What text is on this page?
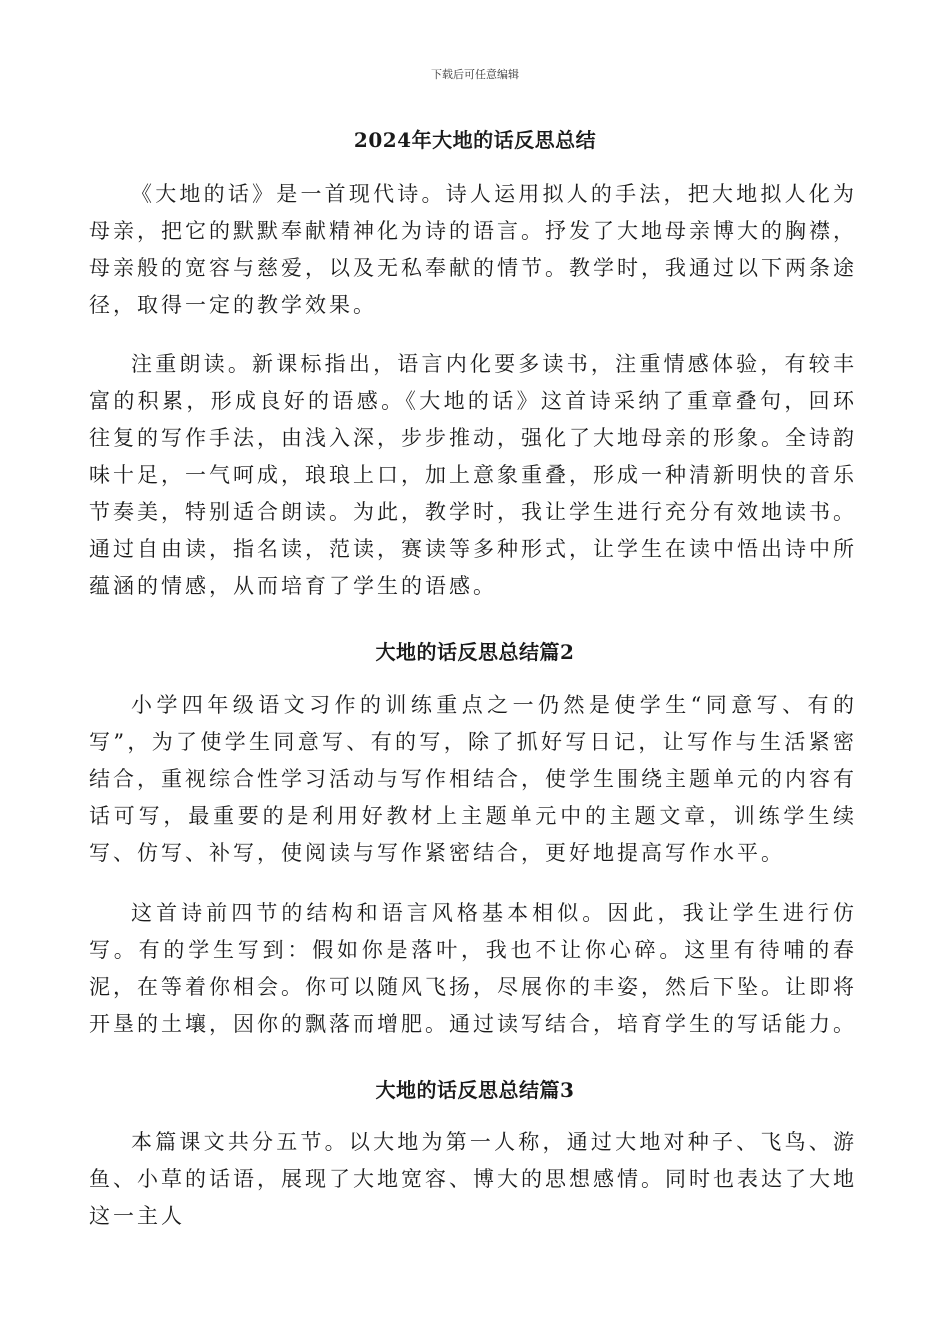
下载后可任意编辑
2024年大地的话反思总结

《大地的话》是一首现代诗。诗人运用拟人的手法，把大地拟人化为母亲，把它的默默奉献精神化为诗的语言。抒发了大地母亲博大的胸襟，母亲般的宽容与慈爱，以及无私奉献的情节。教学时，我通过以下两条途径，取得一定的教学效果。

注重朗读。新课标指出，语言内化要多读书，注重情感体验，有较丰富的积累，形成良好的语感。《大地的话》这首诗采纳了重章叠句，回环往复的写作手法，由浅入深，步步推动，强化了大地母亲的形象。全诗韵味十足，一气呵成，琅琅上口，加上意象重叠，形成一种清新明快的音乐节奏美，特别适合朗读。为此，教学时，我让学生进行充分有效地读书。通过自由读，指名读，范读，赛读等多种形式，让学生在读中悟出诗中所蕴涵的情感，从而培育了学生的语感。

大地的话反思总结篇2

小学四年级语文习作的训练重点之一仍然是使学生“同意写、有的写”，为了使学生同意写、有的写，除了抓好写日记，让写作与生活紧密结合，重视综合性学习活动与写作相结合，使学生围绕主题单元的内容有话可写，最重要的是利用好教材上主题单元中的主题文章，训练学生续写、仿写、补写，使阅读与写作紧密结合，更好地提高写作水平。

这首诗前四节的结构和语言风格基本相似。因此，我让学生进行仿写。有的学生写到：假如你是落叶，我也不让你心碎。这里有待哺的春泥，在等着你相会。你可以随风飞扬，尽展你的丰姿，然后下坠。让即将开垦的土壤，因你的飘落而增肥。通过读写结合，培育学生的写话能力。

大地的话反思总结篇3

本篇课文共分五节。以大地为第一人称，通过大地对种子、飞鸟、游鱼、小草的话语，展现了大地宽容、博大的思想感情。同时也表达了大地这一主人
